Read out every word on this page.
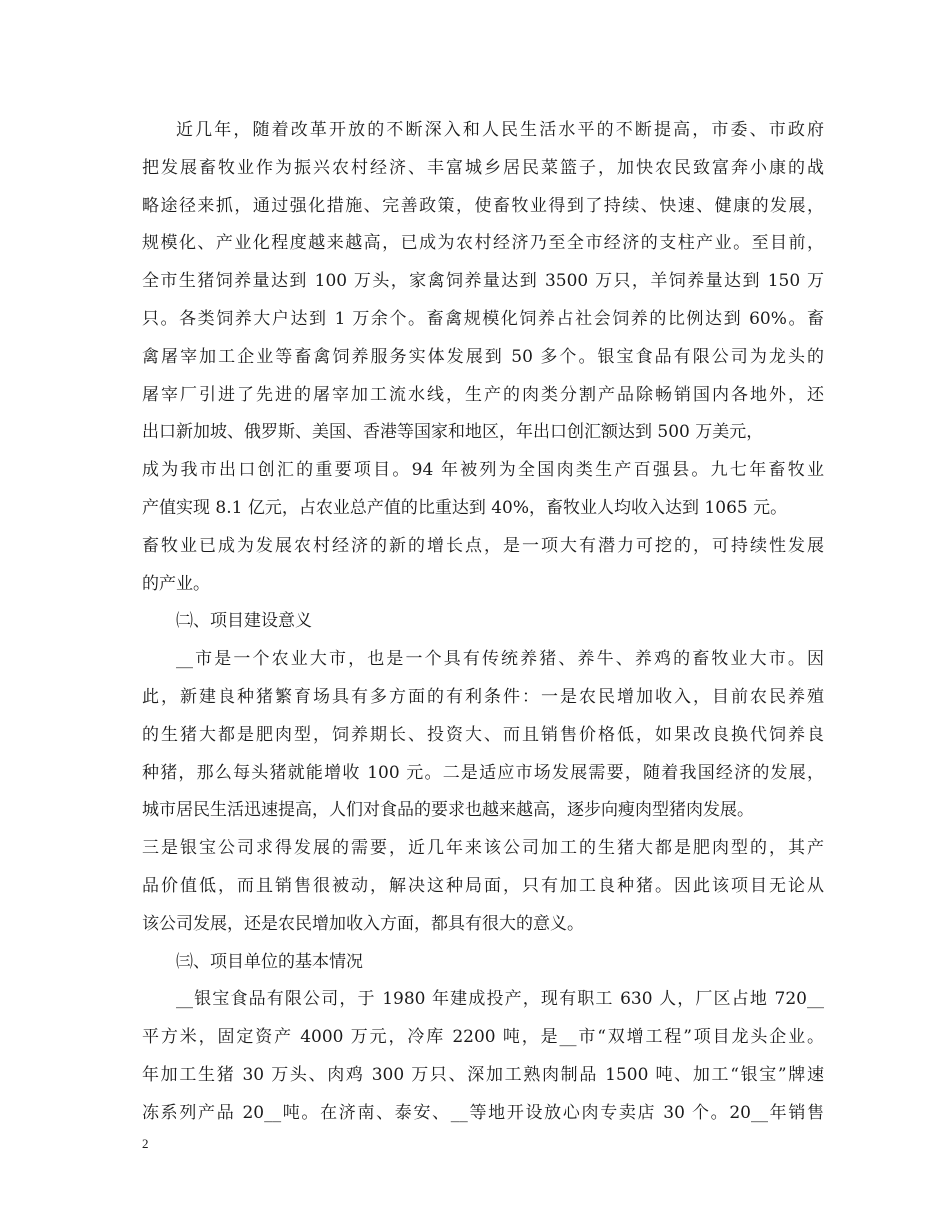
近几年，随着改革开放的不断深入和人民生活水平的不断提高，市委、市政府
把发展畜牧业作为振兴农村经济、丰富城乡居民菜篮子，加快农民致富奔小康的战
略途径来抓，通过强化措施、完善政策，使畜牧业得到了持续、快速、健康的发展，
规模化、产业化程度越来越高，已成为农村经济乃至全市经济的支柱产业。至目前，
全市生猪饲养量达到 100 万头，家禽饲养量达到 3500 万只，羊饲养量达到 150 万
只。各类饲养大户达到 1 万余个。畜禽规模化饲养占社会饲养的比例达到 60%。畜
禽屠宰加工企业等畜禽饲养服务实体发展到 50 多个。银宝食品有限公司为龙头的
屠宰厂引进了先进的屠宰加工流水线，生产的肉类分割产品除畅销国内各地外，还
出口新加坡、俄罗斯、美国、香港等国家和地区，年出口创汇额达到 500 万美元，
成为我市出口创汇的重要项目。94 年被列为全国肉类生产百强县。九七年畜牧业
产值实现 8.1 亿元，占农业总产值的比重达到 40%，畜牧业人均收入达到 1065 元。
畜牧业已成为发展农村经济的新的增长点，是一项大有潜力可挖的，可持续性发展
的产业。
㈡、项目建设意义
__市是一个农业大市，也是一个具有传统养猪、养牛、养鸡的畜牧业大市。因
此，新建良种猪繁育场具有多方面的有利条件：一是农民增加收入，目前农民养殖
的生猪大都是肥肉型，饲养期长、投资大、而且销售价格低，如果改良换代饲养良
种猪，那么每头猪就能增收 100 元。二是适应市场发展需要，随着我国经济的发展，
城市居民生活迅速提高，人们对食品的要求也越来越高，逐步向瘦肉型猪肉发展。
三是银宝公司求得发展的需要，近几年来该公司加工的生猪大都是肥肉型的，其产
品价值低，而且销售很被动，解决这种局面，只有加工良种猪。因此该项目无论从
该公司发展，还是农民增加收入方面，都具有很大的意义。
㈢、项目单位的基本情况
__银宝食品有限公司，于 1980 年建成投产，现有职工 630 人，厂区占地 720__
平方米，固定资产 4000 万元，冷库 2200 吨，是__市“双增工程”项目龙头企业。
年加工生猪 30 万头、肉鸡 300 万只、深加工熟肉制品 1500 吨、加工“银宝”牌速
冻系列产品 20__吨。在济南、泰安、__等地开设放心肉专卖店 30 个。20__年销售
2
